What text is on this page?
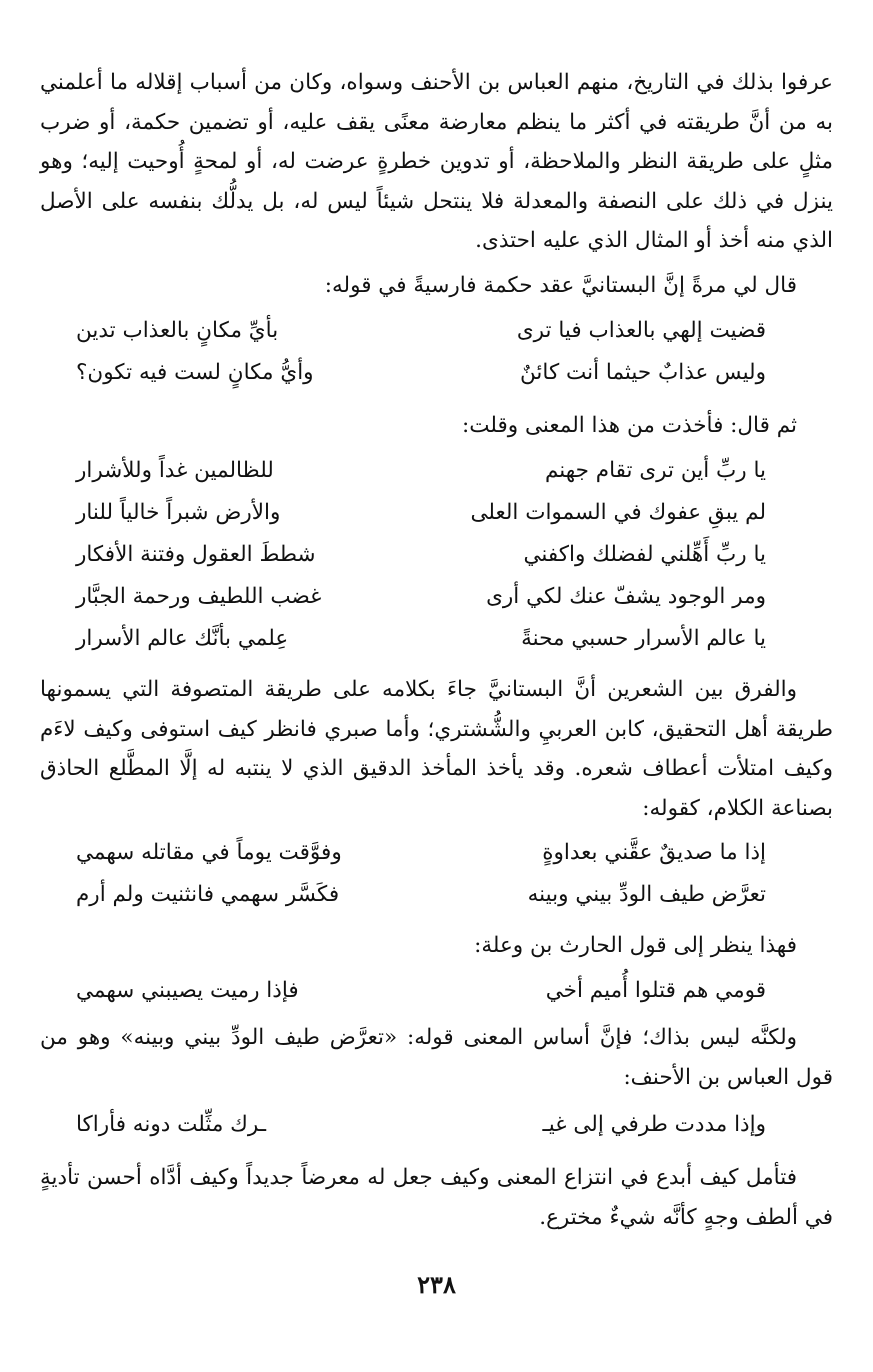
عرفوا بذلك في التاريخ، منهم العباس بن الأحنف وسواه، وكان من أسباب إقلاله ما أعلمني به من أنَّ طريقته في أكثر ما ينظم معارضة معنًى يقف عليه، أو تضمين حكمة، أو ضرب مثلٍ على طريقة النظر والملاحظة، أو تدوين خطرةٍ عرضت له، أو لمحةٍ أُوحيت إليه؛ وهو ينزل في ذلك على النصفة والمعدلة فلا ينتحل شيئاً ليس له، بل يدلُّك بنفسه على الأصل الذي منه أخذ أو المثال الذي عليه احتذى.
قال لي مرةً إنَّ البستانيَّ عقد حكمة فارسيةً في قوله:
قضيت إلهي بالعذاب فيا ترى
بأيِّ مكانٍ بالعذاب تدين
وليس عذابٌ حيثما أنت كائنٌ
وأيُّ مكانٍ لست فيه تكون؟
ثم قال: فأخذت من هذا المعنى وقلت:
يا ربِّ أين ترى تقام جهنم
للظالمين غداً وللأشرار
لم يبقِ عفوك في السموات العلى
والأرض شبراً خالياً للنار
يا ربِّ أَهِّلني لفضلك واكفني
شططَ العقول وفتنة الأفكار
ومر الوجود يشفّ عنك لكي أرى
غضب اللطيف ورحمة الجبَّار
يا عالم الأسرار حسبي محنةً
عِلمي بأنَّك عالم الأسرار
والفرق بين الشعرين أنَّ البستانيَّ جاءَ بكلامه على طريقة المتصوفة التي يسمونها طريقة أهل التحقيق، كابن العربيِ والشُّشتري؛ وأما صبري فانظر كيف استوفى وكيف لاءَم وكيف امتلأت أعطاف شعره. وقد يأخذ المأخذ الدقيق الذي لا ينتبه له إلَّا المطَّلع الحاذق بصناعة الكلام، كقوله:
إذا ما صديقٌ عقَّني بعداوةٍ
وفوَّقت يوماً في مقاتله سهمي
تعرَّض طيف الودِّ بيني وبينه
فكَسَّر سهمي فانثنيت ولم أرم
فهذا ينظر إلى قول الحارث بن وعلة:
قومي هم قتلوا أُميم أخي
فإذا رميت يصيبني سهمي
ولكنَّه ليس بذاك؛ فإنَّ أساس المعنى قوله: «تعرَّض طيف الودِّ بيني وبينه» وهو من قول العباس بن الأحنف:
وإذا مددت طرفي إلى غيـ
ـرك مثِّلت دونه فأراكا
فتأمل كيف أبدع في انتزاع المعنى وكيف جعل له معرضاً جديداً وكيف أدَّاه أحسن تأديةٍ في ألطف وجهٍ كأنَّه شيءٌ مخترع.
٢٣٨
